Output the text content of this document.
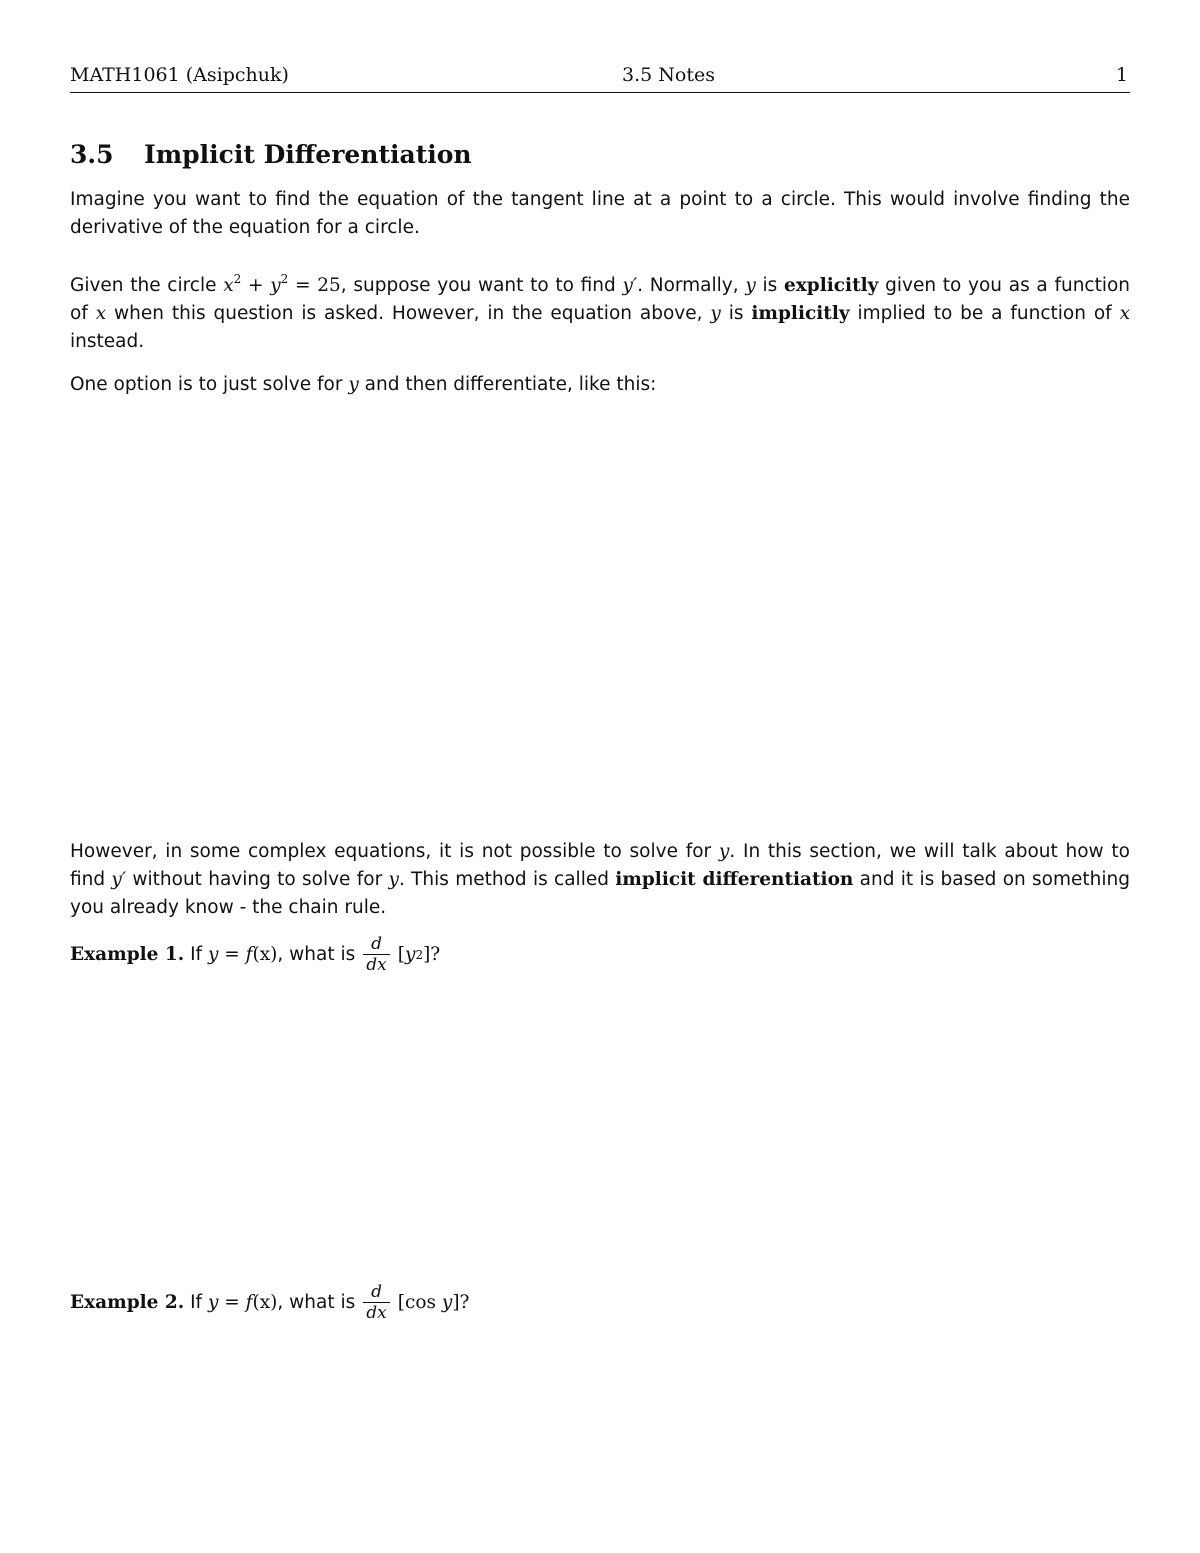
MATH1061 (Asipchuk)	3.5 Notes	1
3.5 Implicit Differentiation
Imagine you want to find the equation of the tangent line at a point to a circle. This would involve finding the derivative of the equation for a circle.
Given the circle $x^2 + y^2 = 25$, suppose you want to to find y′. Normally, y is explicitly given to you as a function of x when this question is asked. However, in the equation above, y is implicitly implied to be a function of x instead.
One option is to just solve for y and then differentiate, like this:
However, in some complex equations, it is not possible to solve for y. In this section, we will talk about how to find y′ without having to solve for y. This method is called implicit differentiation and it is based on something you already know - the chain rule.
Example 1.
If
y = f (x) , what is $\frac{d}{dx}$ [ y 2 ]?
Example 2.
If
y = f (x) , what is $\frac{d}{dx} [\cos$ y ]?
